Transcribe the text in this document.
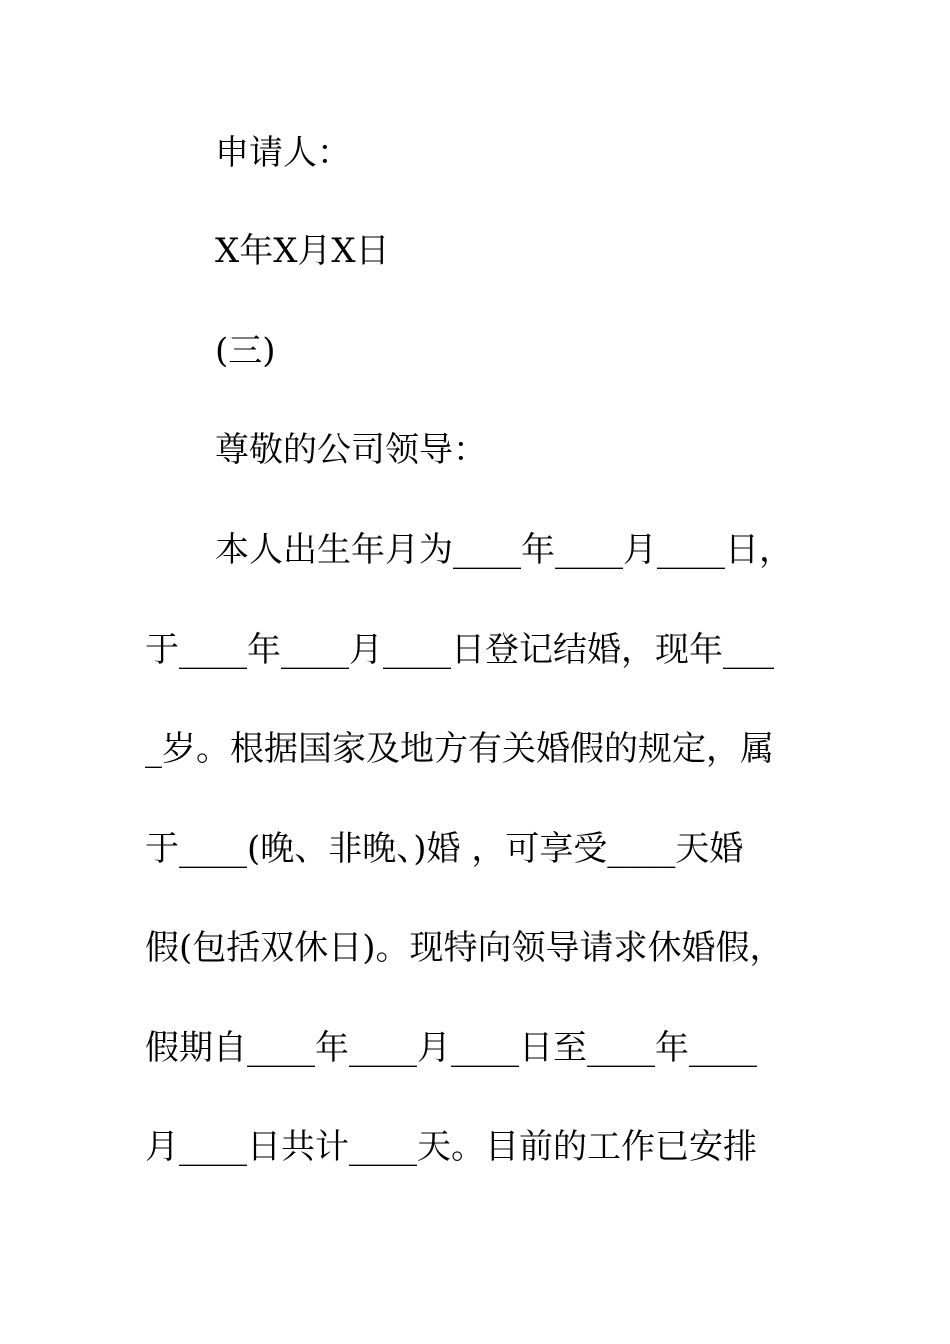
申请人：
X年X月X日
(三)
尊敬的公司领导：
本人出生年月为____年____月____日，
于____年____月____日登记结婚，现年___
_岁。根据国家及地方有关婚假的规定，属
于____(晚、非晚、)婚 ，可享受____天婚
假(包括双休日)。现特向领导请求休婚假，
假期自____年____月____日至____年____
月____日共计____天。目前的工作已安排
